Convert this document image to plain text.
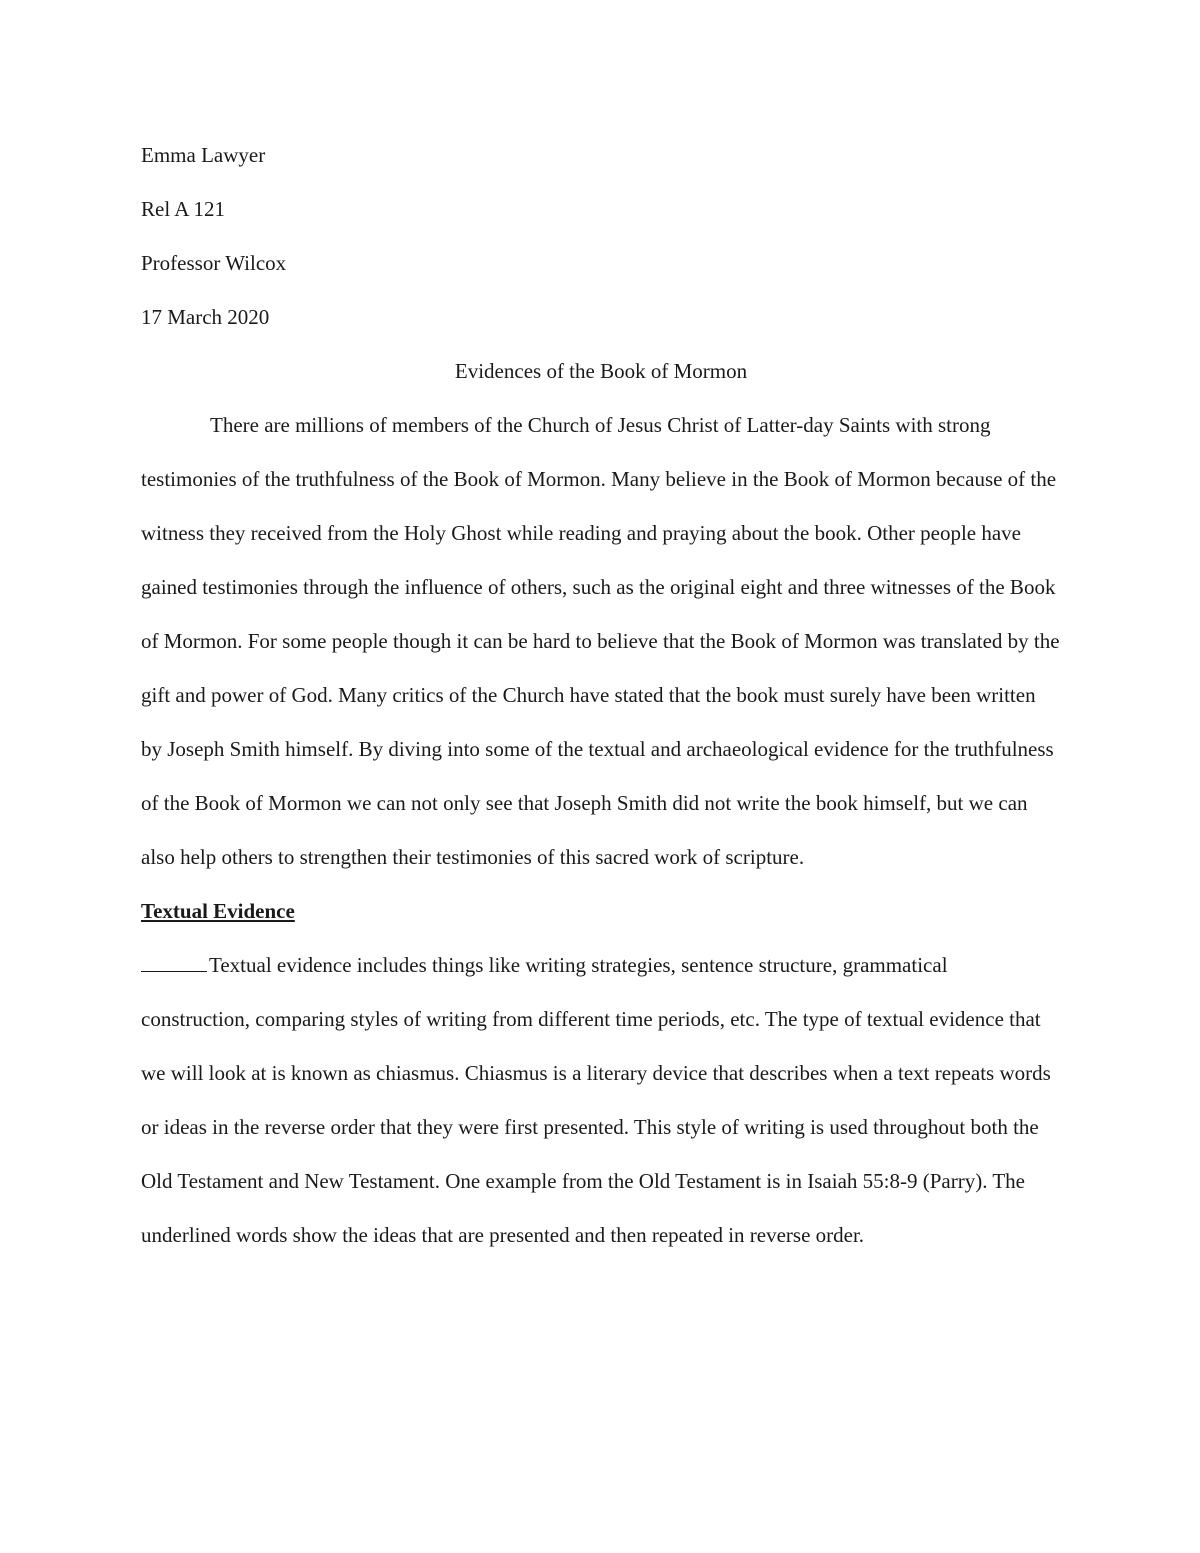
Emma Lawyer
Rel A 121
Professor Wilcox
17 March 2020
Evidences of the Book of Mormon

There are millions of members of the Church of Jesus Christ of Latter-day Saints with strong testimonies of the truthfulness of the Book of Mormon. Many believe in the Book of Mormon because of the witness they received from the Holy Ghost while reading and praying about the book. Other people have gained testimonies through the influence of others, such as the original eight and three witnesses of the Book of Mormon. For some people though it can be hard to believe that the Book of Mormon was translated by the gift and power of God. Many critics of the Church have stated that the book must surely have been written by Joseph Smith himself. By diving into some of the textual and archaeological evidence for the truthfulness of the Book of Mormon we can not only see that Joseph Smith did not write the book himself, but we can also help others to strengthen their testimonies of this sacred work of scripture.

Textual Evidence

Textual evidence includes things like writing strategies, sentence structure, grammatical construction, comparing styles of writing from different time periods, etc. The type of textual evidence that we will look at is known as chiasmus. Chiasmus is a literary device that describes when a text repeats words or ideas in the reverse order that they were first presented. This style of writing is used throughout both the Old Testament and New Testament. One example from the Old Testament is in Isaiah 55:8-9 (Parry). The underlined words show the ideas that are presented and then repeated in reverse order.
